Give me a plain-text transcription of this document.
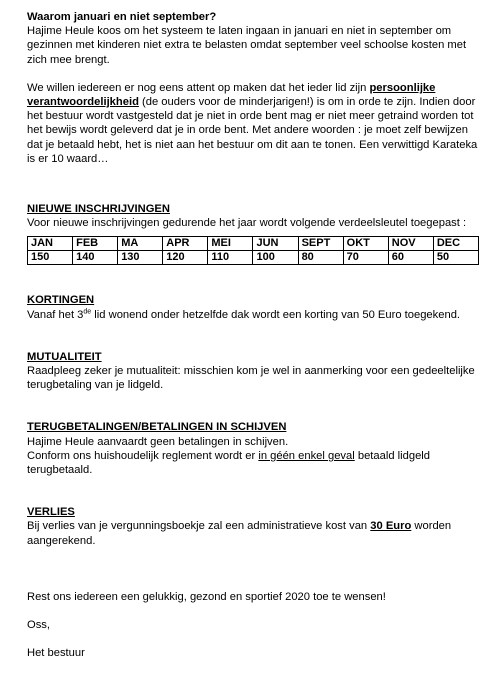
Waarom januari en niet september?

Hajime Heule koos om het systeem te laten ingaan in januari en niet in september om gezinnen met kinderen niet extra te belasten omdat september veel schoolse kosten met zich mee brengt.

We willen iedereen er nog eens attent op maken dat het ieder lid zijn persoonlijke verantwoordelijkheid (de ouders voor de minderjarigen!) is om in orde te zijn. Indien door het bestuur wordt vastgesteld dat je niet in orde bent mag er niet meer getraind worden tot het bewijs wordt geleverd dat je in orde bent. Met andere woorden : je moet zelf bewijzen dat je betaald hebt, het is niet aan het bestuur om dit aan te tonen. Een verwittigd Karateka is er 10 waard…

NIEUWE INSCHRIJVINGEN

Voor nieuwe inschrijvingen gedurende het jaar wordt volgende verdeelsleutel toegepast :

JAN	FEB	MA	APR	MEI	JUN	SEPT	OKT	NOV	DEC
150	140	130	120	110	100	80	70	60	50

KORTINGEN

Vanaf het 3de lid wonend onder hetzelfde dak wordt een korting van 50 Euro toegekend.

MUTUALITEIT

Raadpleeg zeker je mutualiteit: misschien kom je wel in aanmerking voor een gedeeltelijke terugbetaling van je lidgeld.

TERUGBETALINGEN/BETALINGEN IN SCHIJVEN

Hajime Heule aanvaardt geen betalingen in schijven.

Conform ons huishoudelijk reglement wordt er in géén enkel geval betaald lidgeld terugbetaald.

VERLIES

Bij verlies van je vergunningsboekje zal een administratieve kost van 30 Euro worden aangerekend.

Rest ons iedereen een gelukkig, gezond en sportief 2020 toe te wensen!

Oss,

Het bestuur
